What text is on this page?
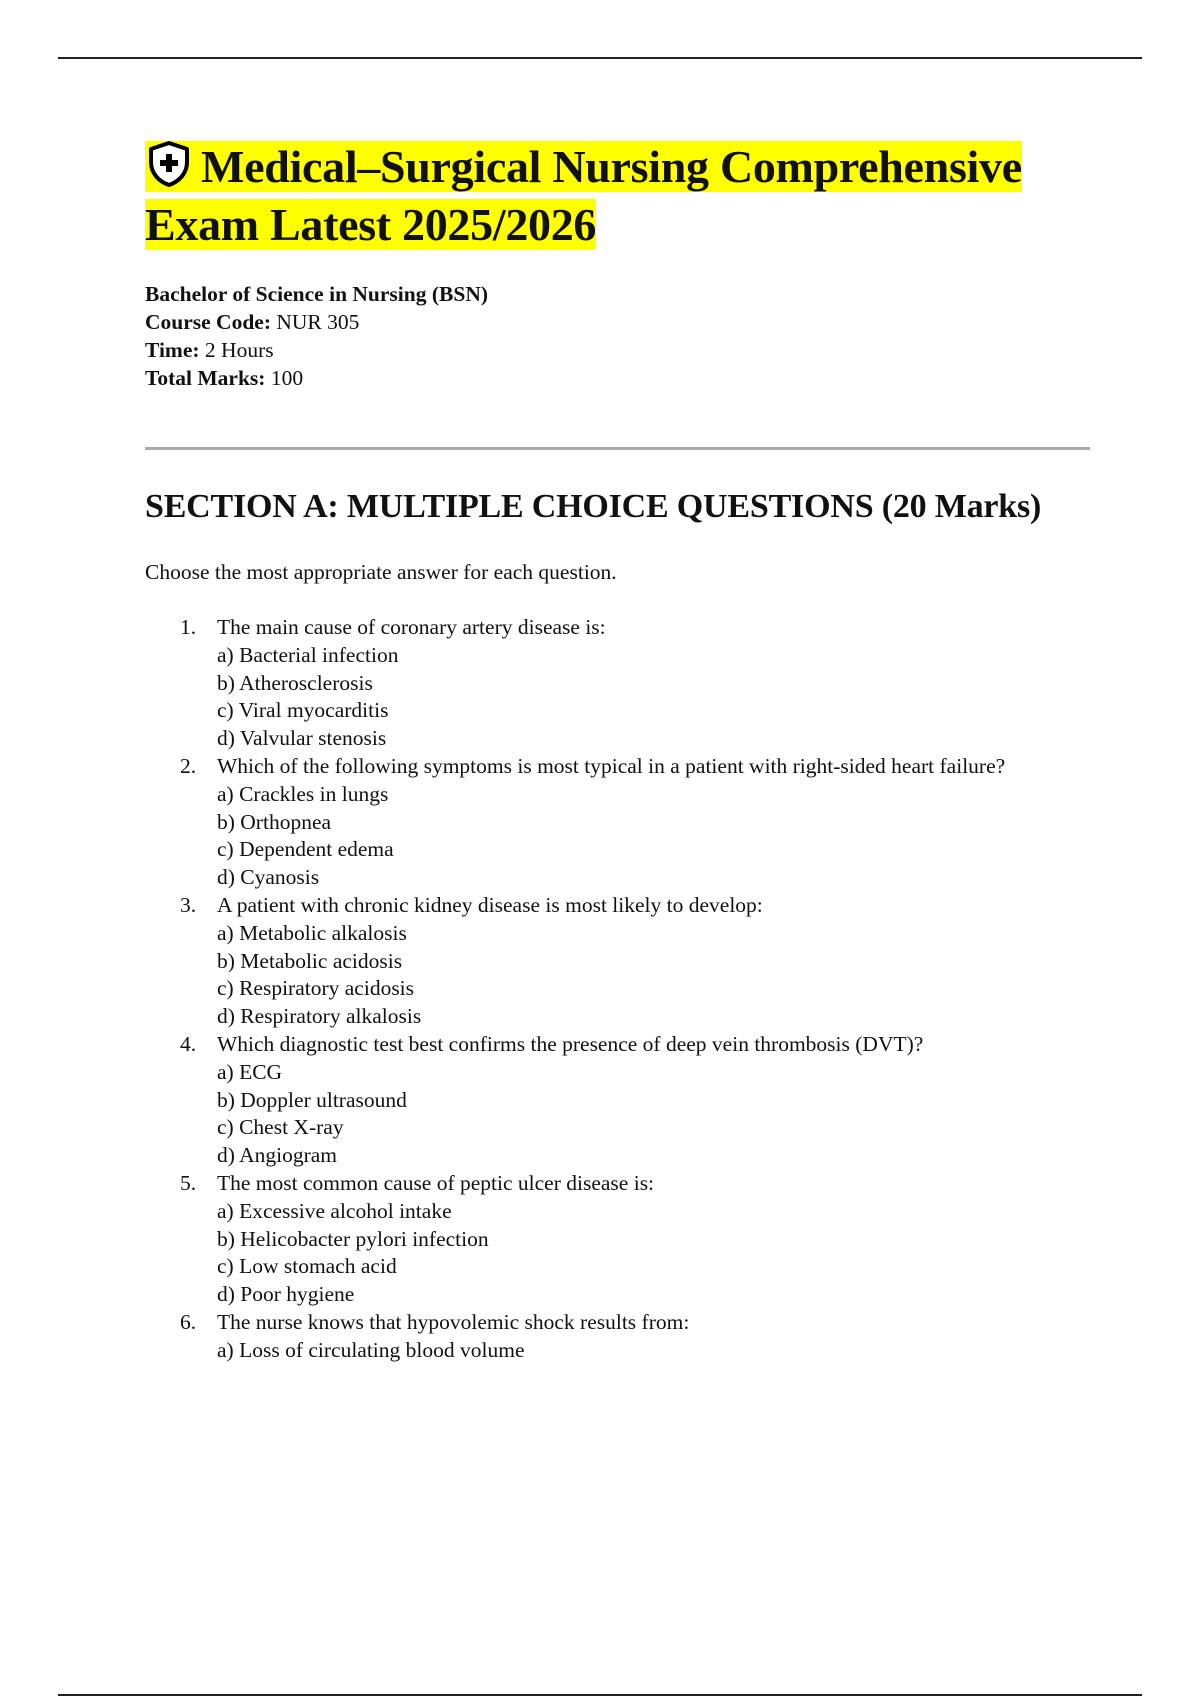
Medical–Surgical Nursing Comprehensive Exam Latest 2025/2026
Bachelor of Science in Nursing (BSN)
Course Code: NUR 305
Time: 2 Hours
Total Marks: 100
SECTION A: MULTIPLE CHOICE QUESTIONS (20 Marks)
Choose the most appropriate answer for each question.
1. The main cause of coronary artery disease is:
a) Bacterial infection
b) Atherosclerosis
c) Viral myocarditis
d) Valvular stenosis
2. Which of the following symptoms is most typical in a patient with right-sided heart failure?
a) Crackles in lungs
b) Orthopnea
c) Dependent edema
d) Cyanosis
3. A patient with chronic kidney disease is most likely to develop:
a) Metabolic alkalosis
b) Metabolic acidosis
c) Respiratory acidosis
d) Respiratory alkalosis
4. Which diagnostic test best confirms the presence of deep vein thrombosis (DVT)?
a) ECG
b) Doppler ultrasound
c) Chest X-ray
d) Angiogram
5. The most common cause of peptic ulcer disease is:
a) Excessive alcohol intake
b) Helicobacter pylori infection
c) Low stomach acid
d) Poor hygiene
6. The nurse knows that hypovolemic shock results from:
a) Loss of circulating blood volume
